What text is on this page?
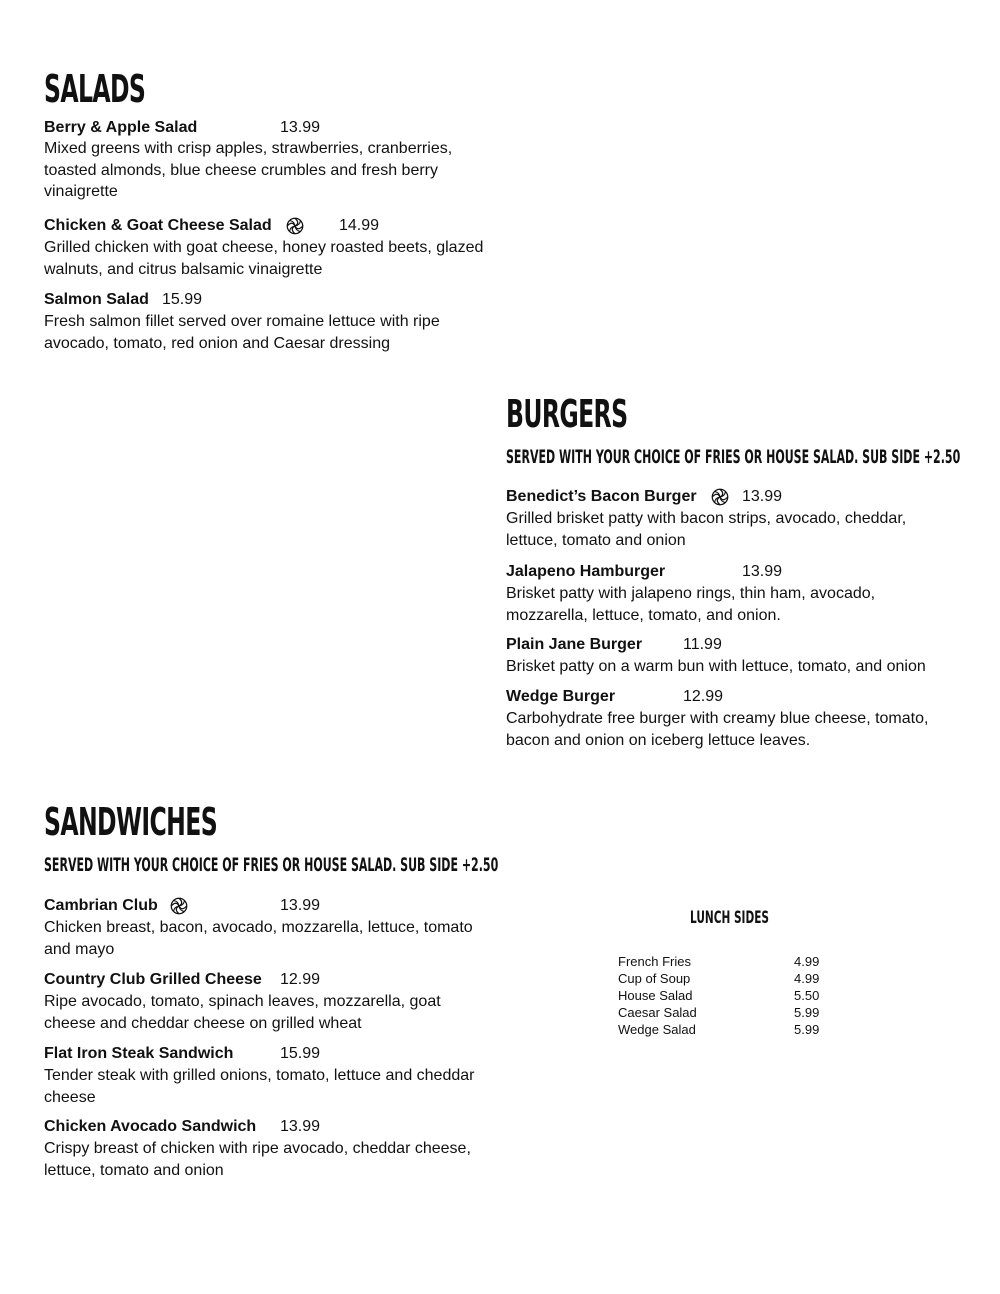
SALADS
Berry & Apple Salad	13.99
Mixed greens with crisp apples, strawberries, cranberries, toasted almonds, blue cheese crumbles and fresh berry vinaigrette
Chicken & Goat Cheese Salad	14.99
Grilled chicken with goat cheese, honey roasted beets, glazed walnuts, and citrus balsamic vinaigrette
Salmon Salad 15.99
Fresh salmon fillet served over romaine lettuce with ripe avocado, tomato, red onion and Caesar dressing
BURGERS
SERVED WITH YOUR CHOICE OF FRIES OR HOUSE SALAD. SUB SIDE +2.50
Benedict’s Bacon Burger	13.99
Grilled brisket patty with bacon strips, avocado, cheddar, lettuce, tomato and onion
Jalapeno Hamburger	13.99
Brisket patty with jalapeno rings, thin ham, avocado, mozzarella, lettuce, tomato, and onion.
Plain Jane Burger	11.99
Brisket patty on a warm bun with lettuce, tomato, and onion
Wedge Burger	12.99
Carbohydrate free burger with creamy blue cheese, tomato, bacon and onion on iceberg lettuce leaves.
SANDWICHES
SERVED WITH YOUR CHOICE OF FRIES OR HOUSE SALAD. SUB SIDE +2.50
Cambrian Club	13.99
Chicken breast, bacon, avocado, mozzarella, lettuce, tomato and mayo
Country Club Grilled Cheese 12.99
Ripe avocado, tomato, spinach leaves, mozzarella, goat cheese and cheddar cheese on grilled wheat
Flat Iron Steak Sandwich	15.99
Tender steak with grilled onions, tomato, lettuce and cheddar cheese
Chicken Avocado Sandwich 13.99
Crispy breast of chicken with ripe avocado, cheddar cheese, lettuce, tomato and onion
LUNCH SIDES
French Fries	4.99
Cup of Soup	4.99
House Salad	5.50
Caesar Salad	5.99
Wedge Salad	5.99
